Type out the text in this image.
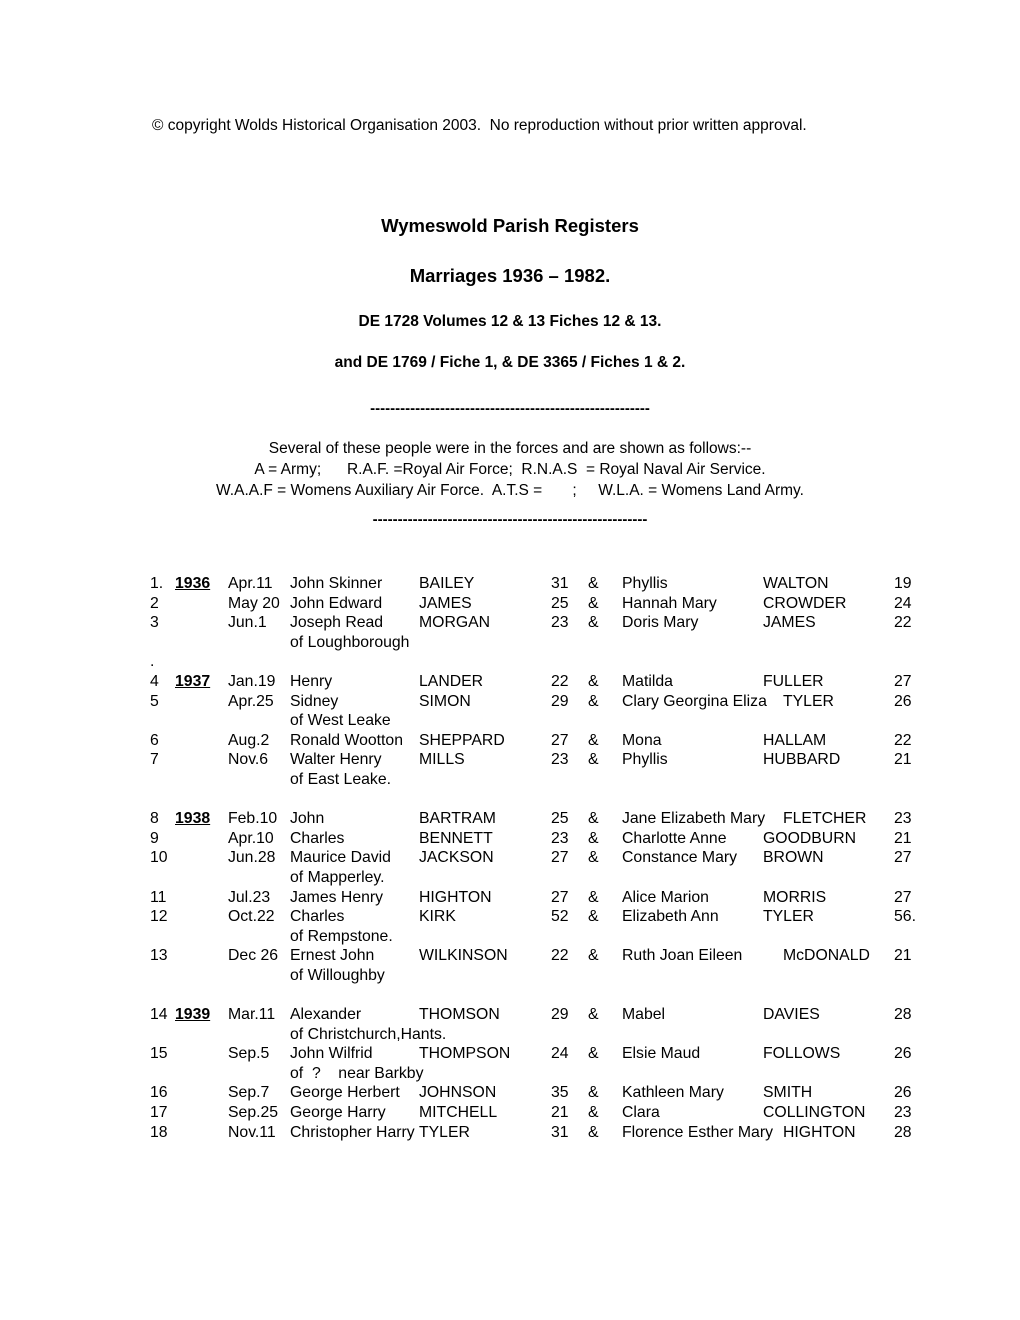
© copyright Wolds Historical Organisation 2003.  No reproduction without prior written approval.
Wymeswold Parish Registers
Marriages 1936 – 1982.
DE 1728 Volumes 12 & 13 Fiches 12 & 13.
and DE 1769 / Fiche 1, & DE 3365 / Fiches 1 & 2.
--------------------------------------------------------
Several of these people were in the forces and are shown as follows:--
A = Army;      R.A.F. =Royal Air Force;  R.N.A.S  = Royal Naval Air Service.
W.A.A.F = Womens Auxiliary Air Force.  A.T.S =       ;     W.L.A. = Womens Land Army.
-------------------------------------------------------
1. 1936 Apr.11 John Skinner BAILEY	31 & Phyllis	WALTON	19
2	May 20 John Edward JAMES	25 & Hannah Mary	CROWDER	24
3	Jun.1 Joseph Read MORGAN	23 & Doris Mary	JAMES	22
of Loughborough
.
4 1937 Jan.19 Henry	LANDER	22 & Matilda	FULLER	27
5	Apr.25 Sidney	SIMON	29 & Clary Georgina Eliza TYLER	26
of West Leake
6	Aug.2 Ronald Wootton SHEPPARD	27 & Mona	HALLAM	22
7	Nov.6 Walter Henry MILLS	23 & Phyllis	HUBBARD	21
of East Leake.
8 1938 Feb.10 John	BARTRAM	25 & Jane Elizabeth Mary FLETCHER 23
9	Apr.10 Charles	BENNETT	23 & Charlotte Anne GOODBURN 21
10	Jun.28 Maurice David JACKSON	27 & Constance Mary BROWN	27
of Mapperley.
11	Jul.23 James Henry HIGHTON	27 & Alice Marion	MORRIS	27
12	Oct.22 Charles	KIRK	52 & Elizabeth Ann	TYLER	56.
of Rempstone.
13	Dec 26 Ernest John	WILKINSON	22 & Ruth Joan Eileen	McDONALD 21
of Willoughby
14 1939 Mar.11 Alexander	THOMSON	29 & Mabel	DAVIES	28
of Christchurch,Hants.
15	Sep.5 John Wilfrid	THOMPSON	24 & Elsie Maud	FOLLOWS	26
of  ?    near Barkby
16	Sep.7 George Herbert JOHNSON	35 & Kathleen Mary SMITH	26
17	Sep.25 George Harry MITCHELL	21 & Clara	COLLINGTON 23
18	Nov.11 Christopher Harry TYLER	31 & Florence Esther Mary HIGHTON 28
